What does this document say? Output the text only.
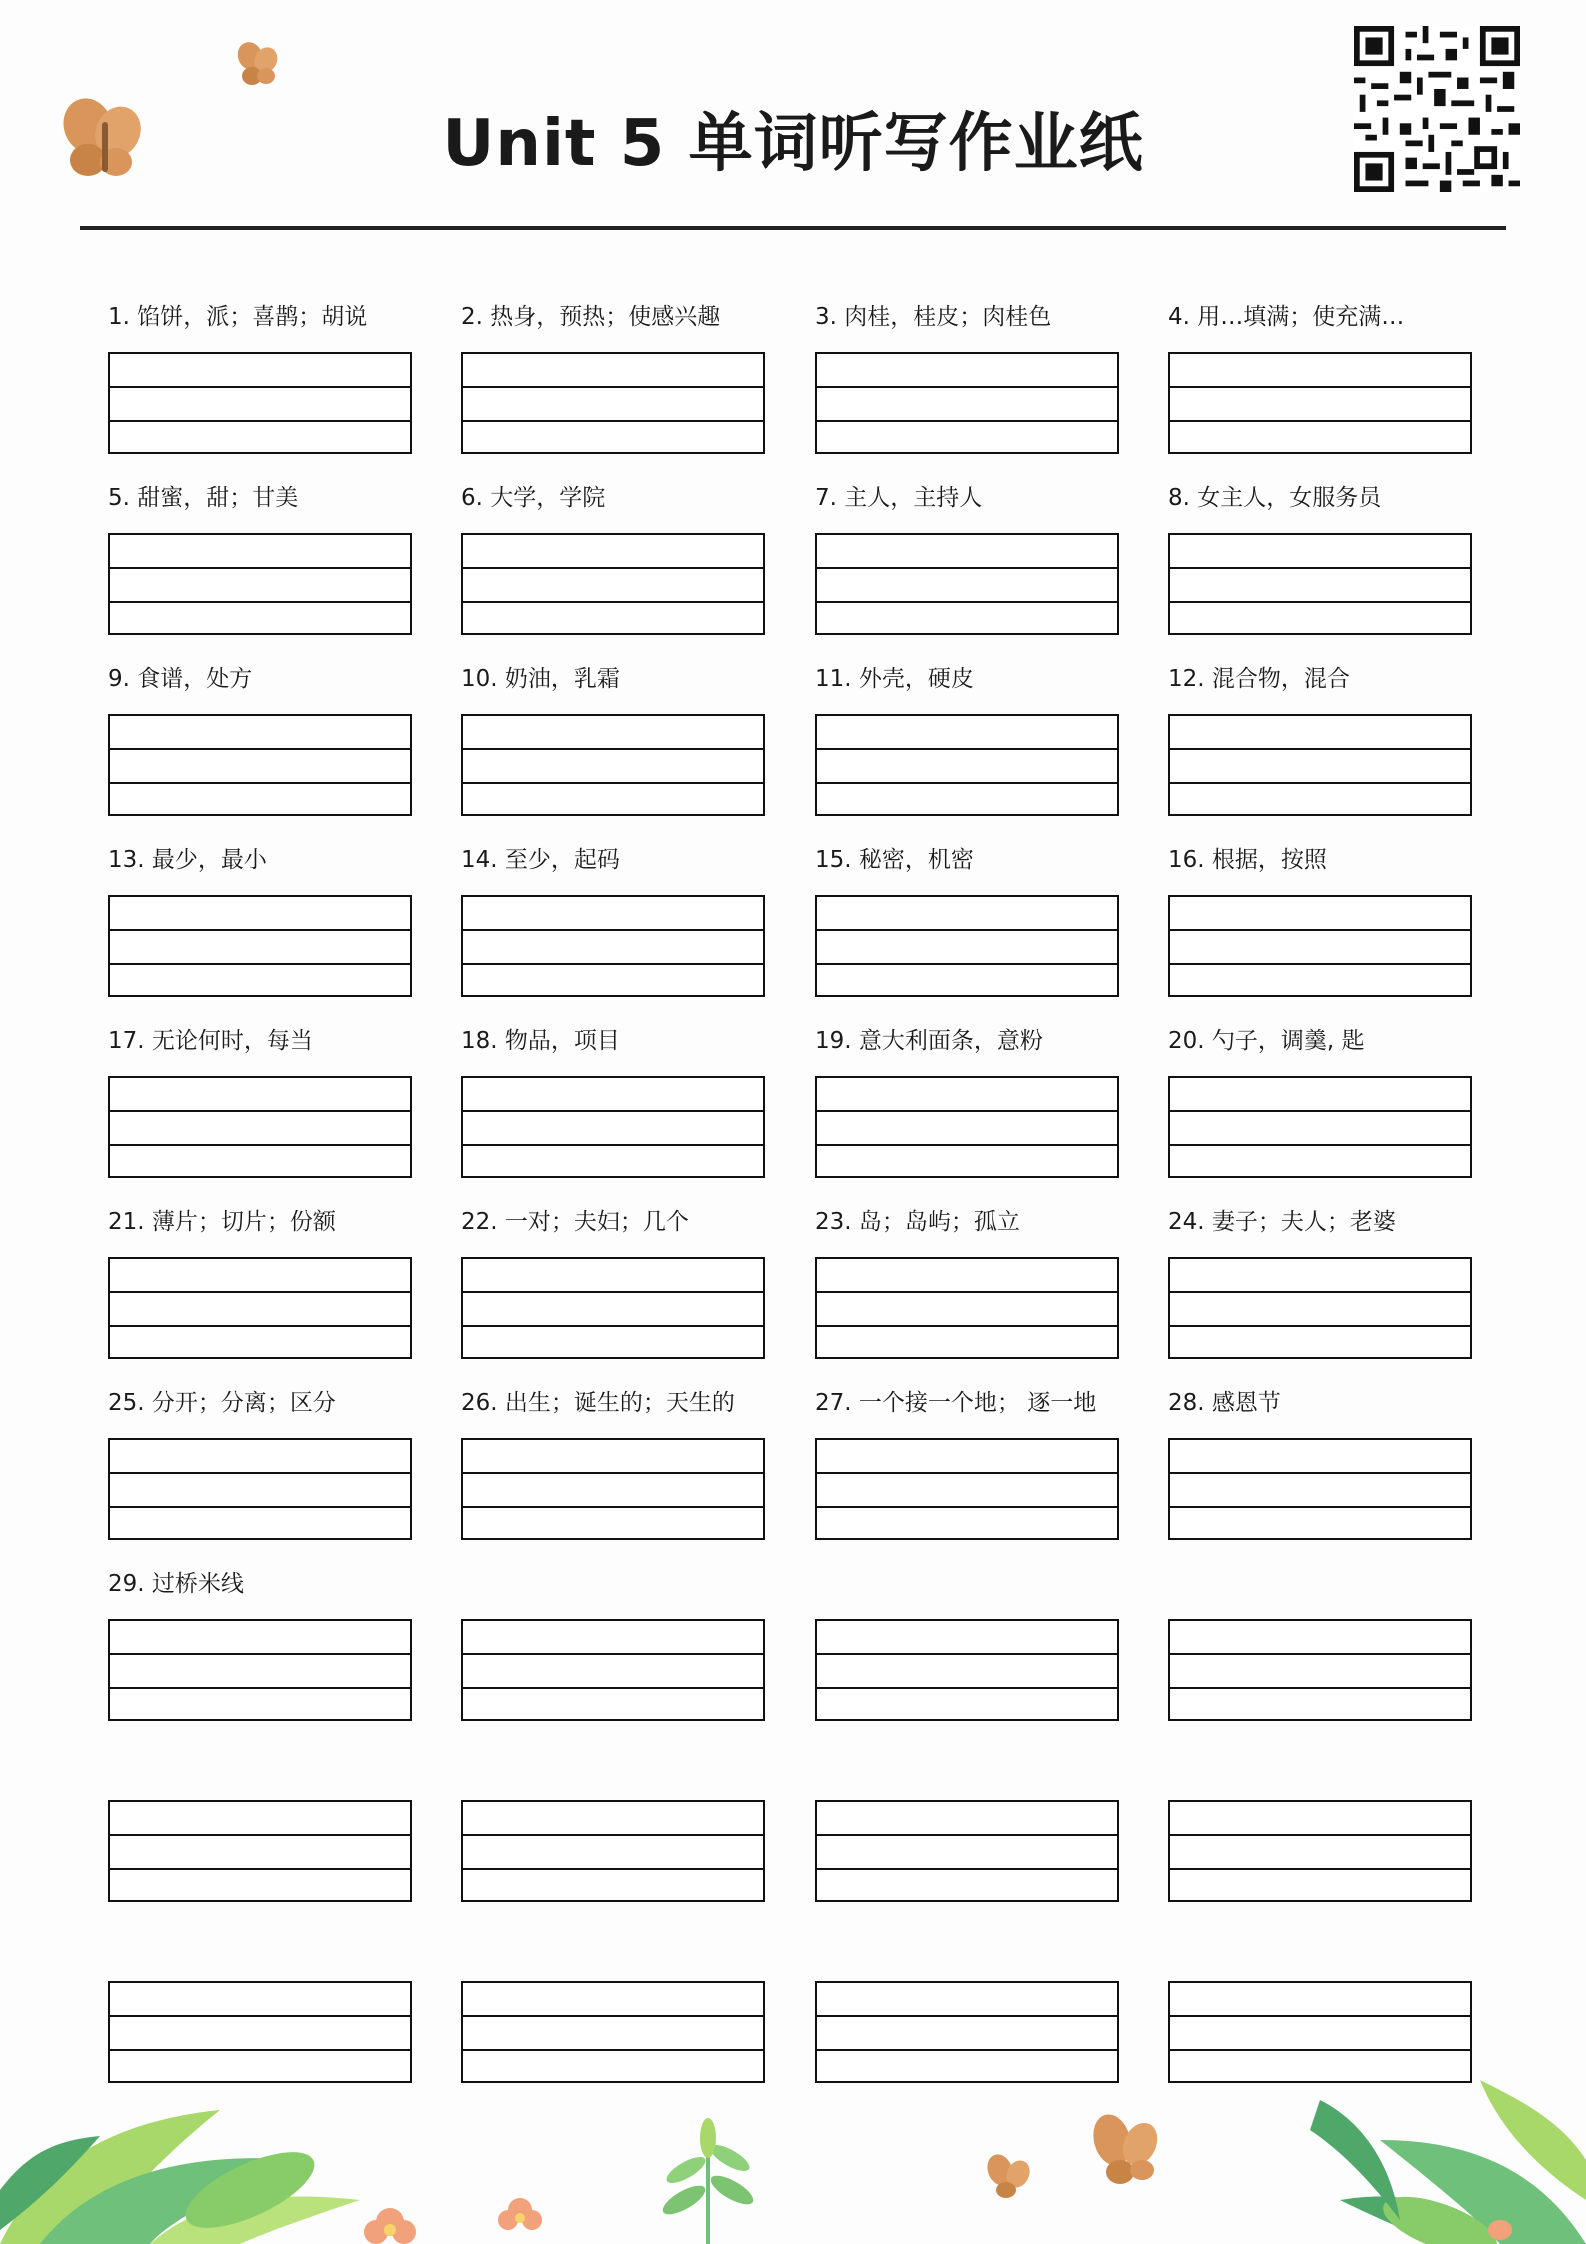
Unit 5 单词听写作业纸
1. 馅饼，派；喜鹊；胡说	2. 热身，预热；使感兴趣	3. 肉桂，桂皮；肉桂色	4. 用…填满；使充满…
5. 甜蜜，甜；甘美	6. 大学，学院	7. 主人，主持人	8. 女主人，女服务员
9. 食谱，处方	10. 奶油，乳霜	11. 外壳，硬皮	12. 混合物，混合
13. 最少，最小	14. 至少，起码	15. 秘密，机密	16. 根据，按照
17. 无论何时，每当	18. 物品，项目	19. 意大利面条，意粉	20. 勺子，调羹, 匙
21. 薄片；切片；份额	22. 一对；夫妇；几个	23. 岛；岛屿；孤立	24. 妻子；夫人；老婆
25. 分开；分离；区分	26. 出生；诞生的；天生的	27. 一个接一个地； 逐一地	28. 感恩节
29. 过桥米线
